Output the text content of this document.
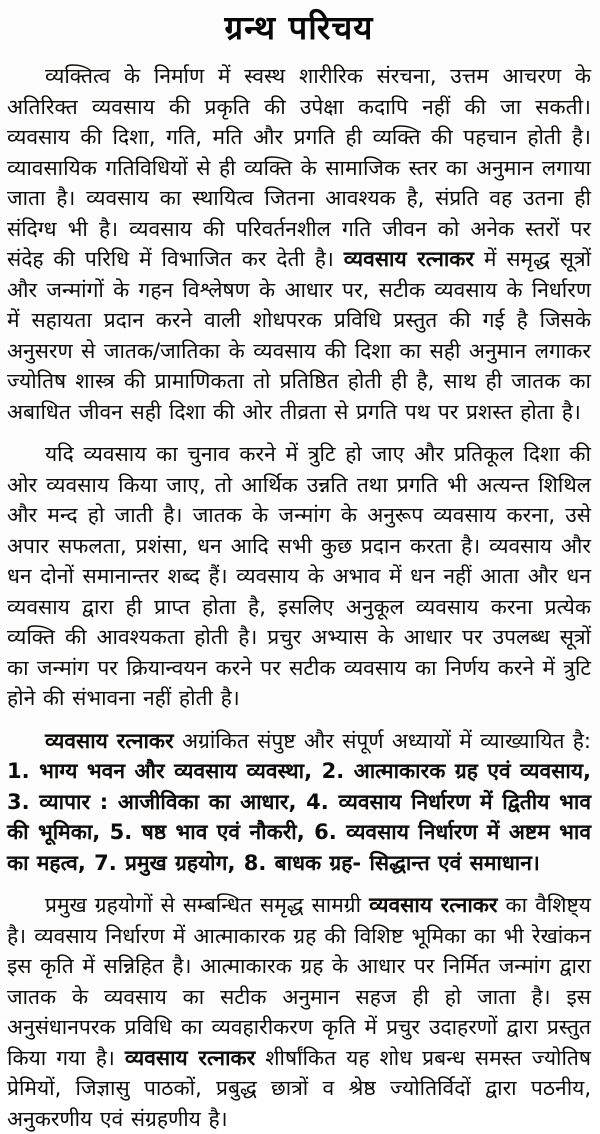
ग्रन्थ परिचय

व्यक्तित्व के निर्माण में स्वस्थ शारीरिक संरचना, उत्तम आचरण के अतिरिक्त व्यवसाय की प्रकृति की उपेक्षा कदापि नहीं की जा सकती। व्यवसाय की दिशा, गति, मति और प्रगति ही व्यक्ति की पहचान होती है। व्यावसायिक गतिविधियों से ही व्यक्ति के सामाजिक स्तर का अनुमान लगाया जाता है। व्यवसाय का स्थायित्व जितना आवश्यक है, संप्रति वह उतना ही संदिग्ध भी है। व्यवसाय की परिवर्तनशील गति जीवन को अनेक स्तरों पर संदेह की परिधि में विभाजित कर देती है। व्यवसाय रत्नाकर में समृद्ध सूत्रों और जन्मांगों के गहन विश्लेषण के आधार पर, सटीक व्यवसाय के निर्धारण में सहायता प्रदान करने वाली शोधपरक प्रविधि प्रस्तुत की गई है जिसके अनुसरण से जातक/जातिका के व्यवसाय की दिशा का सही अनुमान लगाकर ज्योतिष शास्त्र की प्रामाणिकता तो प्रतिष्ठित होती ही है, साथ ही जातक का अबाधित जीवन सही दिशा की ओर तीव्रता से प्रगति पथ पर प्रशस्त होता है।

यदि व्यवसाय का चुनाव करने में त्रुटि हो जाए और प्रतिकूल दिशा की ओर व्यवसाय किया जाए, तो आर्थिक उन्नति तथा प्रगति भी अत्यन्त शिथिल और मन्द हो जाती है। जातक के जन्मांग के अनुरूप व्यवसाय करना, उसे अपार सफलता, प्रशंसा, धन आदि सभी कुछ प्रदान करता है। व्यवसाय और धन दोनों समानान्तर शब्द हैं। व्यवसाय के अभाव में धन नहीं आता और धन व्यवसाय द्वारा ही प्राप्त होता है, इसलिए अनुकूल व्यवसाय करना प्रत्येक व्यक्ति की आवश्यकता होती है। प्रचुर अभ्यास के आधार पर उपलब्ध सूत्रों का जन्मांग पर क्रियान्वयन करने पर सटीक व्यवसाय का निर्णय करने में त्रुटि होने की संभावना नहीं होती है।

व्यवसाय रत्नाकर अग्रांकित संपुष्ट और संपूर्ण अध्यायों में व्याख्यायित है: 1. भाग्य भवन और व्यवसाय व्यवस्था, 2. आत्माकारक ग्रह एवं व्यवसाय, 3. व्यापार : आजीविका का आधार, 4. व्यवसाय निर्धारण में द्वितीय भाव की भूमिका, 5. षष्ठ भाव एवं नौकरी, 6. व्यवसाय निर्धारण में अष्टम भाव का महत्व, 7. प्रमुख ग्रहयोग, 8. बाधक ग्रह- सिद्धान्त एवं समाधान।

प्रमुख ग्रहयोगों से सम्बन्धित समृद्ध सामग्री व्यवसाय रत्नाकर का वैशिष्ट्य है। व्यवसाय निर्धारण में आत्माकारक ग्रह की विशिष्ट भूमिका का भी रेखांकन इस कृति में सन्निहित है। आत्माकारक ग्रह के आधार पर निर्मित जन्मांग द्वारा जातक के व्यवसाय का सटीक अनुमान सहज ही हो जाता है। इस अनुसंधानपरक प्रविधि का व्यवहारीकरण कृति में प्रचुर उदाहरणों द्वारा प्रस्तुत किया गया है। व्यवसाय रत्नाकर शीर्षांकित यह शोध प्रबन्ध समस्त ज्योतिष प्रेमियों, जिज्ञासु पाठकों, प्रबुद्ध छात्रों व श्रेष्ठ ज्योतिर्विदों द्वारा पठनीय, अनुकरणीय एवं संग्रहणीय है।
